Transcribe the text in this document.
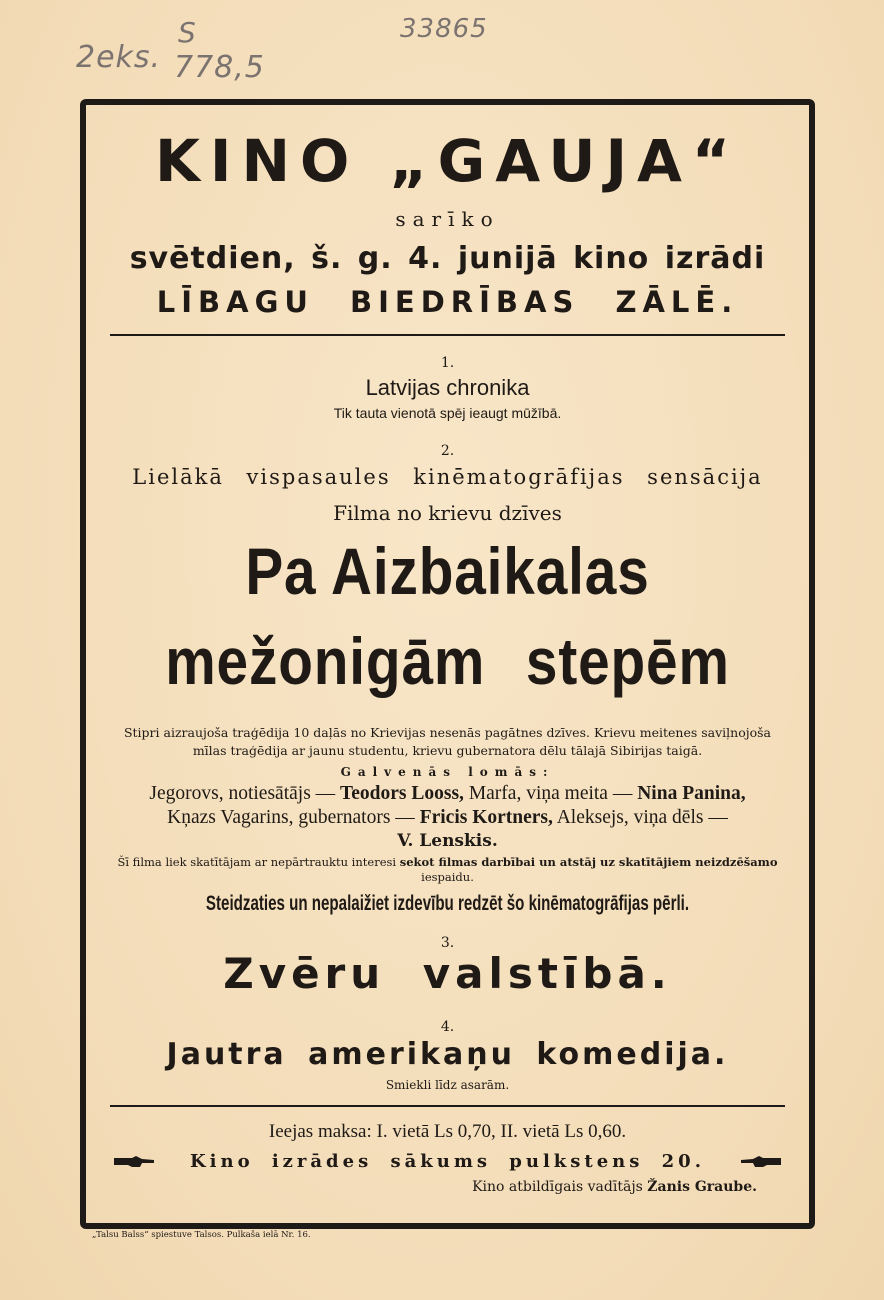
S	33865
2eks. 778,5
KINO „GAUJA“
sarīko
svētdien, š. g. 4. junijā kino izrādi
LĪBAGU BIEDRĪBAS ZĀLĒ.
1.
Latvijas chronika
Tik tauta vienotā spēj ieaugt mūžībā.
2.
Lielākā vispasaules kinēmatogrāfijas sensācija
Filma no krievu dzīves
Pa Aizbaikalas
mežonigām stepēm
Stipri aizraujoša traģēdija 10 daļās no Krievijas nesenās pagātnes dzīves. Krievu meitenes saviļnojoša
mīlas traģēdija ar jaunu studentu, krievu gubernatora dēlu tālajā Sibirijas taigā.
Galvenās lomās:
Jegorovs, notiesātājs — Teodors Looss, Marfa, viņa meita — Nina Panina,
Kņazs Vagarins, gubernators — Fricis Kortners, Aleksejs, viņa dēls —
V. Lenskis.
Šī filma liek skatītājam ar nepārtrauktu interesi sekot filmas darbībai un atstāj uz skatītājiem neizdzēšamo
iespaidu.
Steidzaties un nepalaižiet izdevību redzēt šo kinēmatogrāfijas pērli.
3.
Zvēru valstībā.
4.
Jautra amerikaņu komedija.
Smiekli līdz asarām.
Ieejas maksa: I. vietā Ls 0,70, II. vietā Ls 0,60.
Kino izrādes sākums pulkstens 20.
Kino atbildīgais vadītājs Žanis Graube.
„Talsu Balss“ spiestuve Talsos. Pulkaša ielā Nr. 16.
